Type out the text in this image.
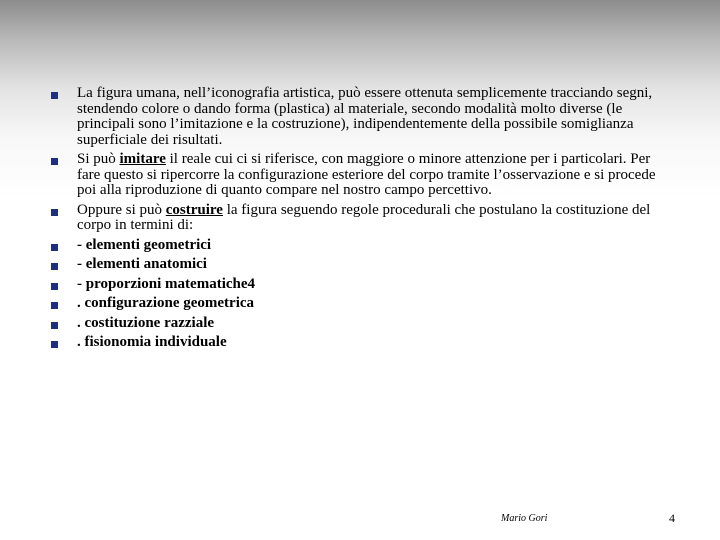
La figura umana, nell’iconografia artistica, può essere ottenuta semplicemente tracciando segni, stendendo colore o dando forma (plastica) al materiale, secondo modalità molto diverse (le principali sono l’imitazione e la costruzione), indipendentemente della possibile somiglianza superficiale dei risultati.
Si può imitare il reale cui ci si riferisce, con maggiore o minore attenzione per i particolari. Per fare questo si ripercorre la configurazione esteriore del corpo tramite l’osservazione e si procede poi alla riproduzione di quanto compare nel nostro campo percettivo.
Oppure si può costruire la figura seguendo regole procedurali che postulano la costituzione del corpo in termini di:
- elementi geometrici
- elementi anatomici
- proporzioni matematiche4
. configurazione geometrica
. costituzione razziale
. fisionomia individuale
Mario Gori	4
